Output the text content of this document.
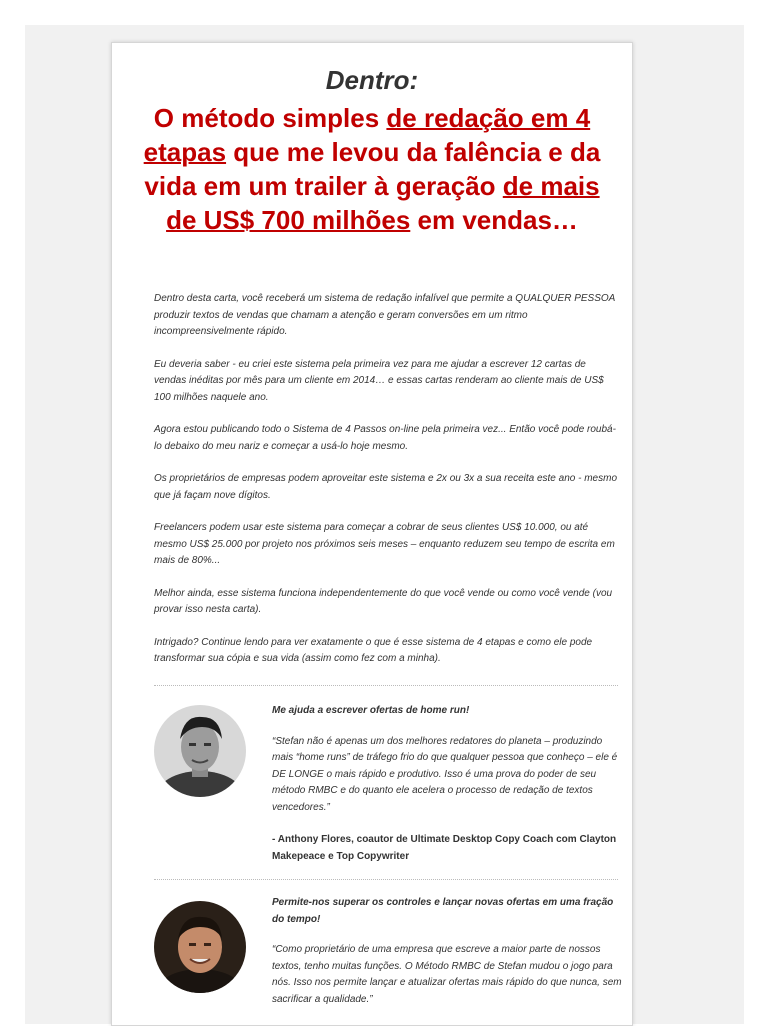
Dentro:
O método simples de redação em 4 etapas que me levou da falência e da vida em um trailer à geração de mais de US$ 700 milhões em vendas…

Dentro desta carta, você receberá um sistema de redação infalível que permite a QUALQUER PESSOA produzir textos de vendas que chamam a atenção e geram conversões em um ritmo incompreensivelmente rápido.

Eu deveria saber - eu criei este sistema pela primeira vez para me ajudar a escrever 12 cartas de vendas inéditas por mês para um cliente em 2014… e essas cartas renderam ao cliente mais de US$ 100 milhões naquele ano.

Agora estou publicando todo o Sistema de 4 Passos on-line pela primeira vez... Então você pode roubá-lo debaixo do meu nariz e começar a usá-lo hoje mesmo.

Os proprietários de empresas podem aproveitar este sistema e 2x ou 3x a sua receita este ano - mesmo que já façam nove dígitos.

Freelancers podem usar este sistema para começar a cobrar de seus clientes US$ 10.000, ou até mesmo US$ 25.000 por projeto nos próximos seis meses – enquanto reduzem seu tempo de escrita em mais de 80%...

Melhor ainda, esse sistema funciona independentemente do que você vende ou como você vende (vou provar isso nesta carta).

Intrigado? Continue lendo para ver exatamente o que é esse sistema de 4 etapas e como ele pode transformar sua cópia e sua vida (assim como fez com a minha).

Me ajuda a escrever ofertas de home run!

“Stefan não é apenas um dos melhores redatores do planeta – produzindo mais “home runs” de tráfego frio do que qualquer pessoa que conheço – ele é DE LONGE o mais rápido e produtivo. Isso é uma prova do poder de seu método RMBC e do quanto ele acelera o processo de redação de textos vencedores.”

- Anthony Flores, coautor de Ultimate Desktop Copy Coach com Clayton Makepeace e Top Copywriter

Permite-nos superar os controles e lançar novas ofertas em uma fração do tempo!

“Como proprietário de uma empresa que escreve a maior parte de nossos textos, tenho muitas funções. O Método RMBC de Stefan mudou o jogo para nós. Isso nos permite lançar e atualizar ofertas mais rápido do que nunca, sem sacrificar a qualidade.”
